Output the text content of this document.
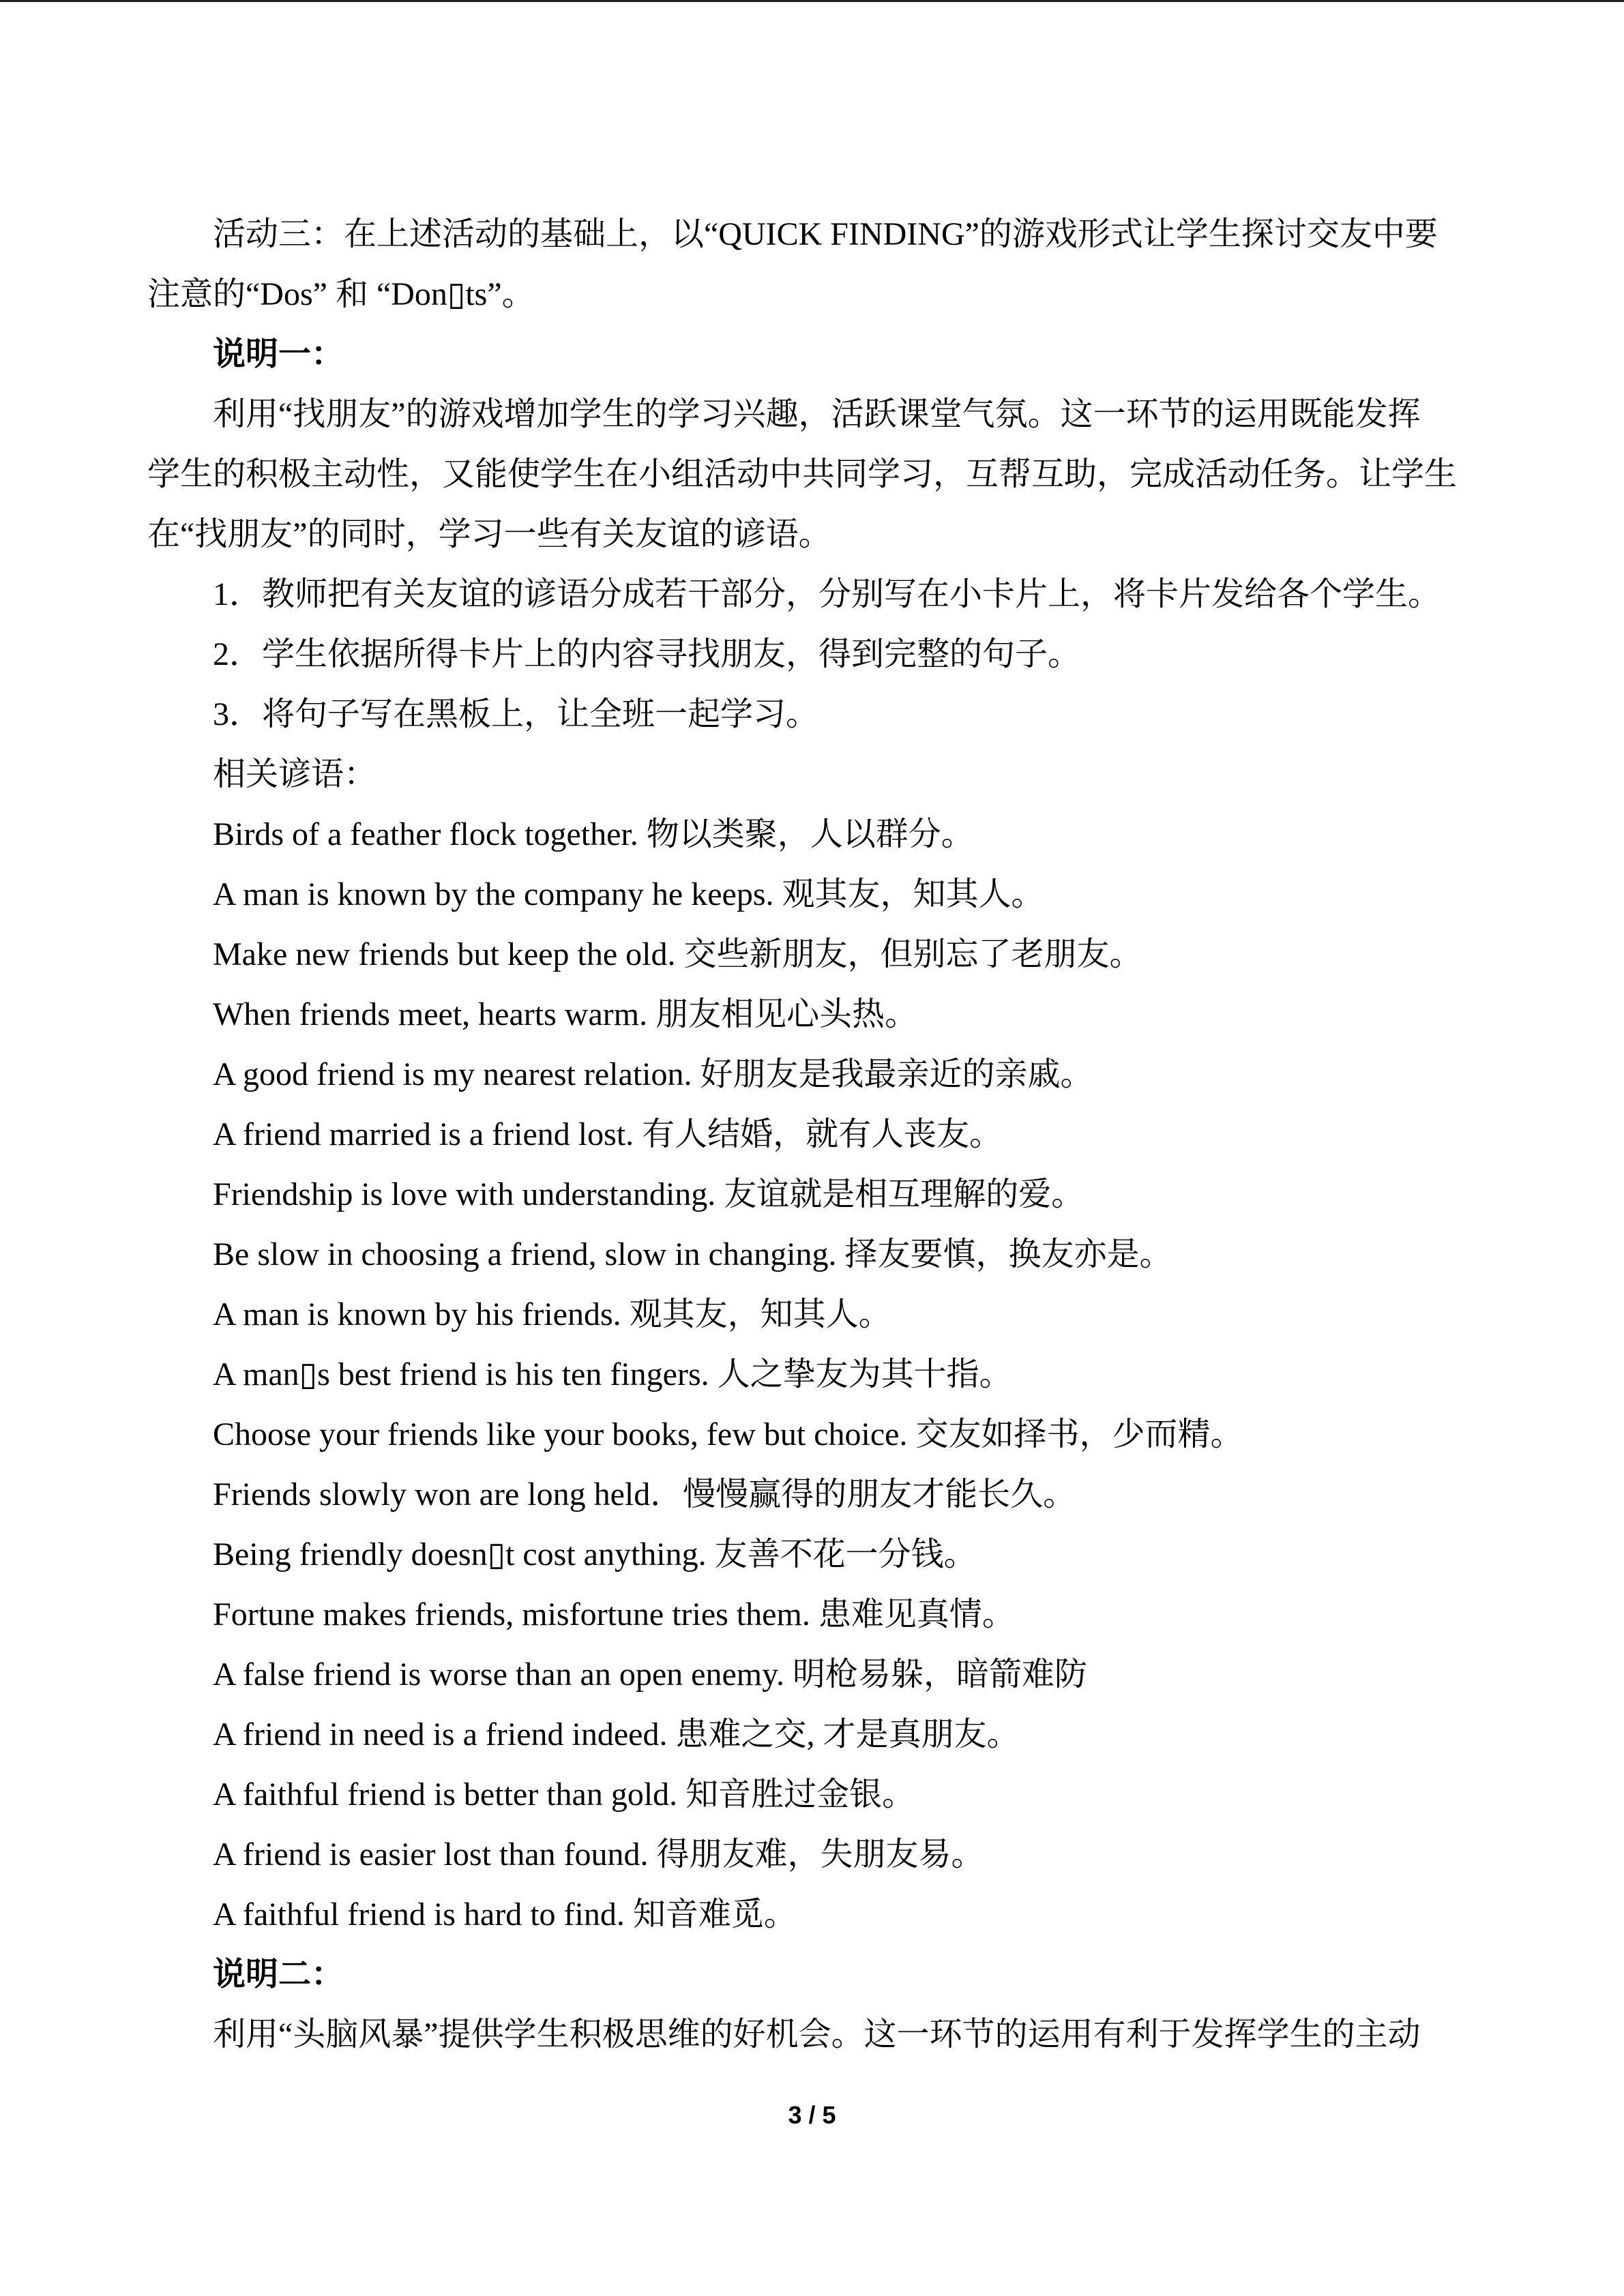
活动三：在上述活动的基础上，以“QUICK FINDING”的游戏形式让学生探讨交友中要
注意的“Dos” 和 “Don▯ts”。
说明一：
利用“找朋友”的游戏增加学生的学习兴趣，活跃课堂气氛。这一环节的运用既能发挥
学生的积极主动性，又能使学生在小组活动中共同学习，互帮互助，完成活动任务。让学生
在“找朋友”的同时，学习一些有关友谊的谚语。
1．教师把有关友谊的谚语分成若干部分，分别写在小卡片上，将卡片发给各个学生。
2．学生依据所得卡片上的内容寻找朋友，得到完整的句子。
3．将句子写在黑板上，让全班一起学习。
相关谚语：
Birds of a feather flock together. 物以类聚，人以群分。
A man is known by the company he keeps. 观其友，知其人。
Make new friends but keep the old. 交些新朋友，但别忘了老朋友。
When friends meet, hearts warm. 朋友相见心头热。
A good friend is my nearest relation. 好朋友是我最亲近的亲戚。
A friend married is a friend lost. 有人结婚，就有人丧友。
Friendship is love with understanding. 友谊就是相互理解的爱。
Be slow in choosing a friend, slow in changing. 择友要慎，换友亦是。
A man is known by his friends. 观其友，知其人。
A man▯s best friend is his ten fingers. 人之挚友为其十指。
Choose your friends like your books, few but choice. 交友如择书，少而精。
Friends slowly won are long held．慢慢赢得的朋友才能长久。
Being friendly doesn▯t cost anything. 友善不花一分钱。
Fortune makes friends, misfortune tries them. 患难见真情。
A false friend is worse than an open enemy. 明枪易躲，暗箭难防
A friend in need is a friend indeed. 患难之交, 才是真朋友。
A faithful friend is better than gold. 知音胜过金银。
A friend is easier lost than found. 得朋友难，失朋友易。
A faithful friend is hard to find. 知音难觅。
说明二：
利用“头脑风暴”提供学生积极思维的好机会。这一环节的运用有利于发挥学生的主动
3 / 5
